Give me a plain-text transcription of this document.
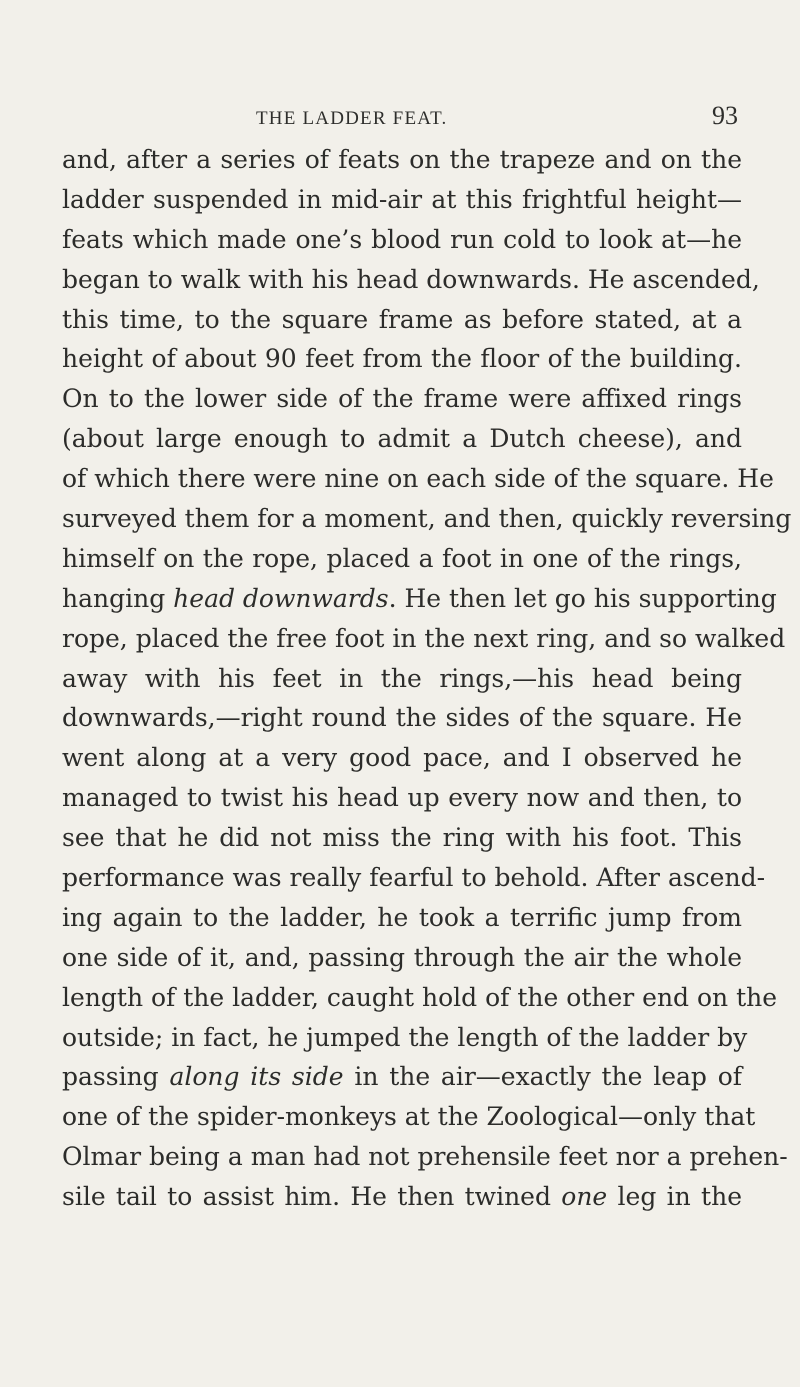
THE LADDER FEAT.	93
and, after a series of feats on the trapeze and on the
ladder suspended in mid-air at this frightful height—
feats which made one’s blood run cold to look at—he
began to walk with his head downwards. He ascended,
this time, to the square frame as before stated, at a
height of about 90 feet from the floor of the building.
On to the lower side of the frame were affixed rings
(about large enough to admit a Dutch cheese), and
of which there were nine on each side of the square. He
surveyed them for a moment, and then, quickly reversing
himself on the rope, placed a foot in one of the rings,
hanging head downwards. He then let go his supporting
rope, placed the free foot in the next ring, and so walked
away with his feet in the rings,—his head being
downwards,—right round the sides of the square. He
went along at a very good pace, and I observed he
managed to twist his head up every now and then, to
see that he did not miss the ring with his foot. This
performance was really fearful to behold. After ascend-
ing again to the ladder, he took a terrific jump from
one side of it, and, passing through the air the whole
length of the ladder, caught hold of the other end on the
outside; in fact, he jumped the length of the ladder by
passing along its side in the air—exactly the leap of
one of the spider-monkeys at the Zoological—only that
Olmar being a man had not prehensile feet nor a prehen-
sile tail to assist him. He then twined one leg in the
